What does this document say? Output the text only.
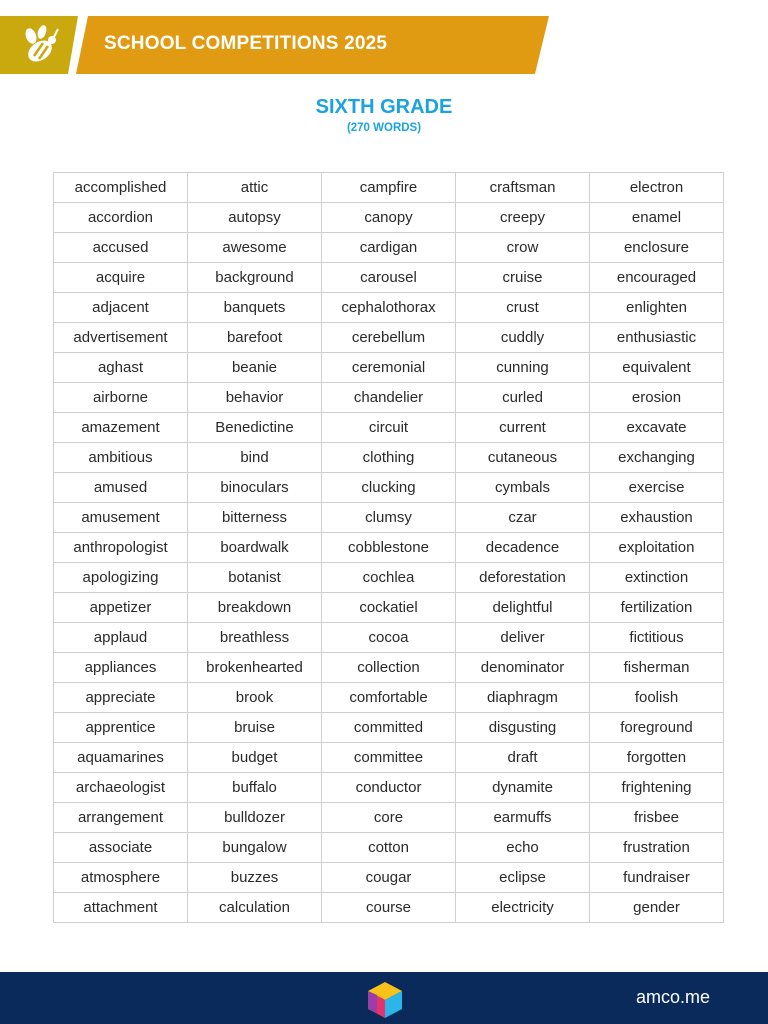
SCHOOL COMPETITIONS 2025
SIXTH GRADE
(270 WORDS)
accomplished	attic	campfire	craftsman	electron
accordion	autopsy	canopy	creepy	enamel
accused	awesome	cardigan	crow	enclosure
acquire	background	carousel	cruise	encouraged
adjacent	banquets	cephalothorax	crust	enlighten
advertisement	barefoot	cerebellum	cuddly	enthusiastic
aghast	beanie	ceremonial	cunning	equivalent
airborne	behavior	chandelier	curled	erosion
amazement	Benedictine	circuit	current	excavate
ambitious	bind	clothing	cutaneous	exchanging
amused	binoculars	clucking	cymbals	exercise
amusement	bitterness	clumsy	czar	exhaustion
anthropologist	boardwalk	cobblestone	decadence	exploitation
apologizing	botanist	cochlea	deforestation	extinction
appetizer	breakdown	cockatiel	delightful	fertilization
applaud	breathless	cocoa	deliver	fictitious
appliances	brokenhearted	collection	denominator	fisherman
appreciate	brook	comfortable	diaphragm	foolish
apprentice	bruise	committed	disgusting	foreground
aquamarines	budget	committee	draft	forgotten
archaeologist	buffalo	conductor	dynamite	frightening
arrangement	bulldozer	core	earmuffs	frisbee
associate	bungalow	cotton	echo	frustration
atmosphere	buzzes	cougar	eclipse	fundraiser
attachment	calculation	course	electricity	gender
amco.me
